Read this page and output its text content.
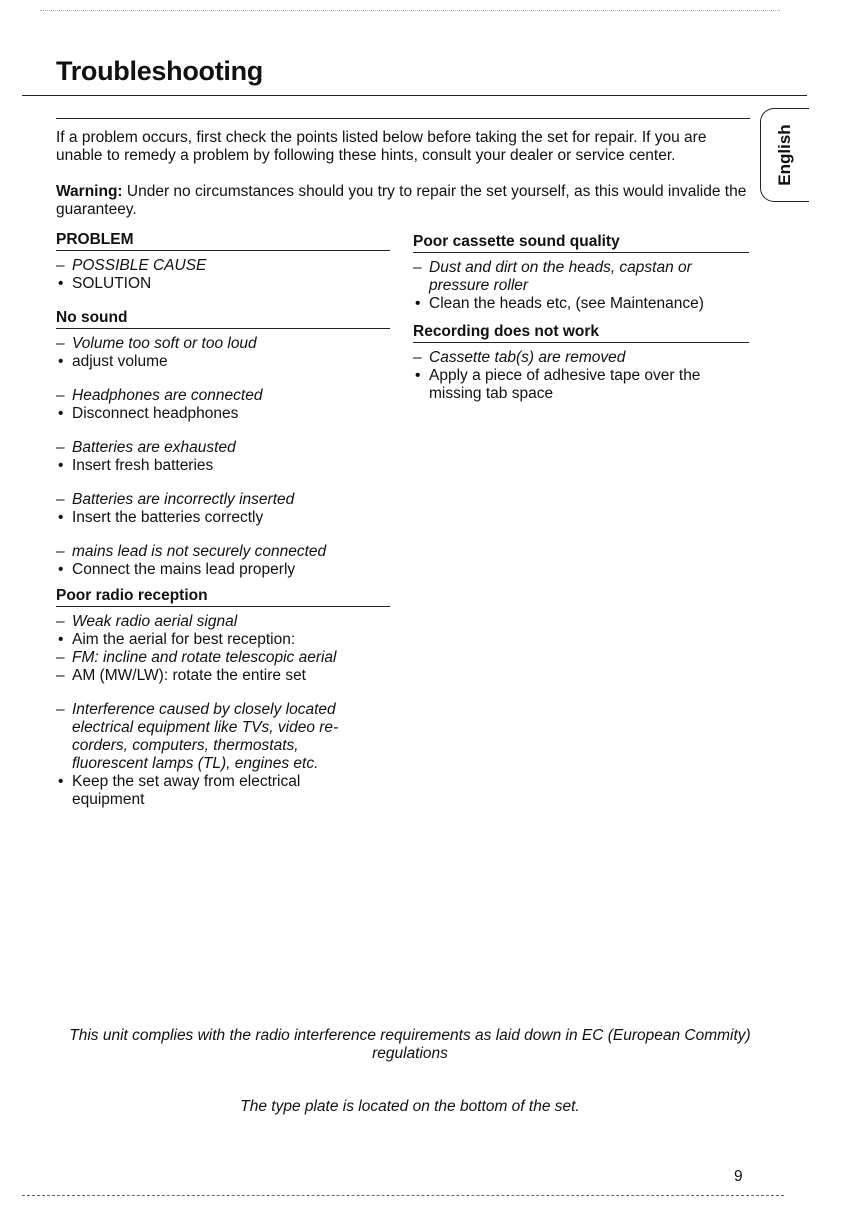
Troubleshooting
English

If a problem occurs, first check the points listed below before taking the set for repair. If you are unable to remedy a problem by following these hints, consult your dealer or service center.

Warning: Under no circumstances should you try to repair the set yourself, as this would invalide the guaranteey.

PROBLEM
– POSSIBLE CAUSE
• SOLUTION
No sound
– Volume too soft or too loud
• adjust volume
– Headphones are connected
• Disconnect headphones
– Batteries are exhausted
• Insert fresh batteries
– Batteries are incorrectly inserted
• Insert the batteries correctly
– mains lead is not securely connected
• Connect the mains lead properly
Poor radio reception
– Weak radio aerial signal
• Aim the aerial for best reception:
– FM: incline and rotate telescopic aerial
– AM (MW/LW): rotate the entire set
– Interference caused by closely located electrical equipment like TVs, video re-corders, computers, thermostats, fluorescent lamps (TL), engines etc.
• Keep the set away from electrical equipment
Poor cassette sound quality
– Dust and dirt on the heads, capstan or pressure roller
• Clean the heads etc, (see Maintenance)
Recording does not work
– Cassette tab(s) are removed
• Apply a piece of adhesive tape over the missing tab space

This unit complies with the radio interference requirements as laid down in EC (European Commity) regulations

The type plate is located on the bottom of the set.

9
